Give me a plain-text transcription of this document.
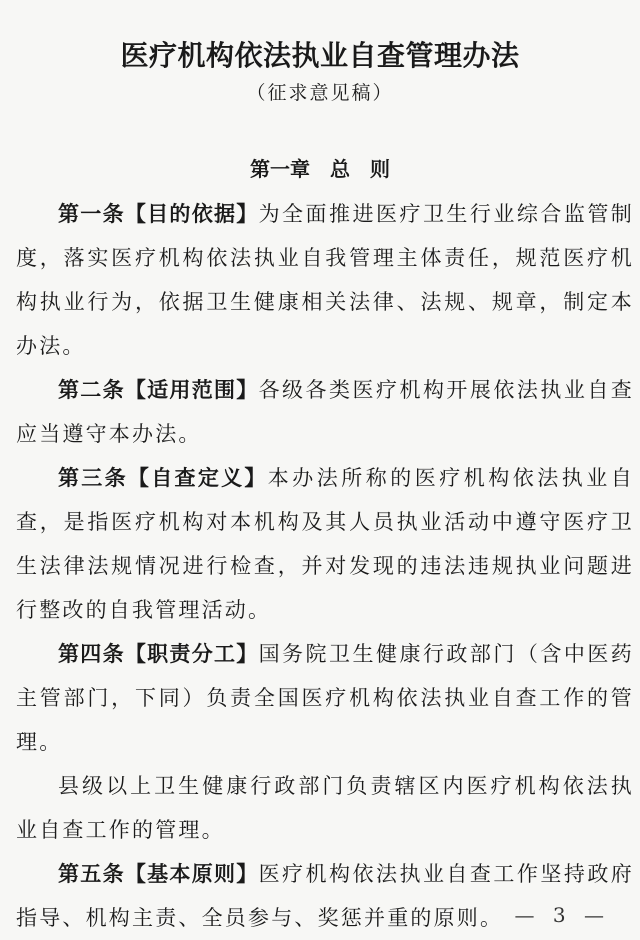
医疗机构依法执业自查管理办法
（征求意见稿）
第一章　总　则

第一条【目的依据】为全面推进医疗卫生行业综合监管制度，落实医疗机构依法执业自我管理主体责任，规范医疗机构执业行为，依据卫生健康相关法律、法规、规章，制定本办法。

第二条【适用范围】各级各类医疗机构开展依法执业自查应当遵守本办法。

第三条【自查定义】本办法所称的医疗机构依法执业自查，是指医疗机构对本机构及其人员执业活动中遵守医疗卫生法律法规情况进行检查，并对发现的违法违规执业问题进行整改的自我管理活动。

第四条【职责分工】国务院卫生健康行政部门（含中医药主管部门，下同）负责全国医疗机构依法执业自查工作的管理。

县级以上卫生健康行政部门负责辖区内医疗机构依法执业自查工作的管理。

第五条【基本原则】医疗机构依法执业自查工作坚持政府指导、机构主责、全员参与、奖惩并重的原则。 — 3 —
